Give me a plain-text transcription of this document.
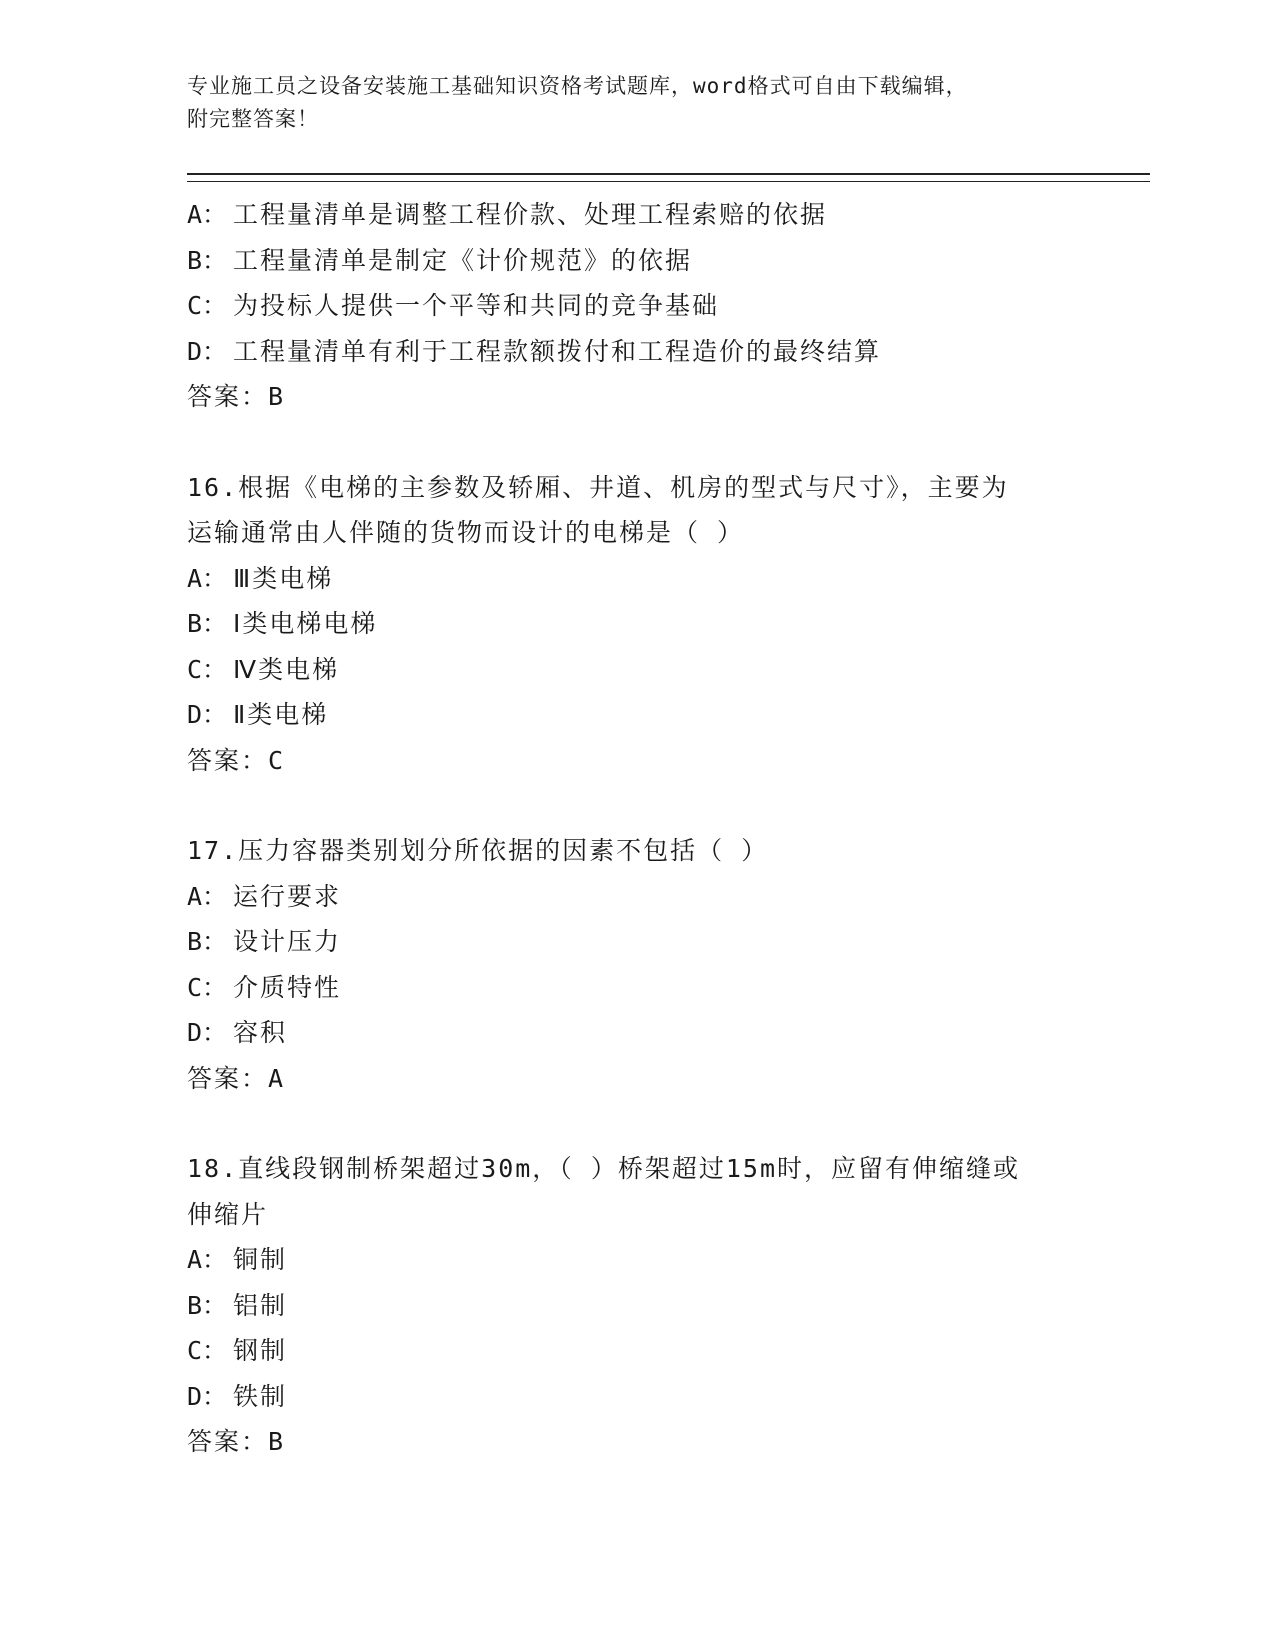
专业施工员之设备安装施工基础知识资格考试题库，word格式可自由下载编辑，
附完整答案！
A： 工程量清单是调整工程价款、处理工程索赔的依据
B： 工程量清单是制定《计价规范》的依据
C： 为投标人提供一个平等和共同的竞争基础
D： 工程量清单有利于工程款额拨付和工程造价的最终结算
答案：B
16.根据《电梯的主参数及轿厢、井道、机房的型式与尺寸》，主要为
运输通常由人伴随的货物而设计的电梯是（ ）
A： Ⅲ类电梯
B： Ⅰ类电梯电梯
C： Ⅳ类电梯
D： Ⅱ类电梯
答案：C
17.压力容器类别划分所依据的因素不包括（ ）
A： 运行要求
B： 设计压力
C： 介质特性
D： 容积
答案：A
18.直线段钢制桥架超过30m，（ ）桥架超过15m时，应留有伸缩缝或
伸缩片
A： 铜制
B： 铝制
C： 钢制
D： 铁制
答案：B
